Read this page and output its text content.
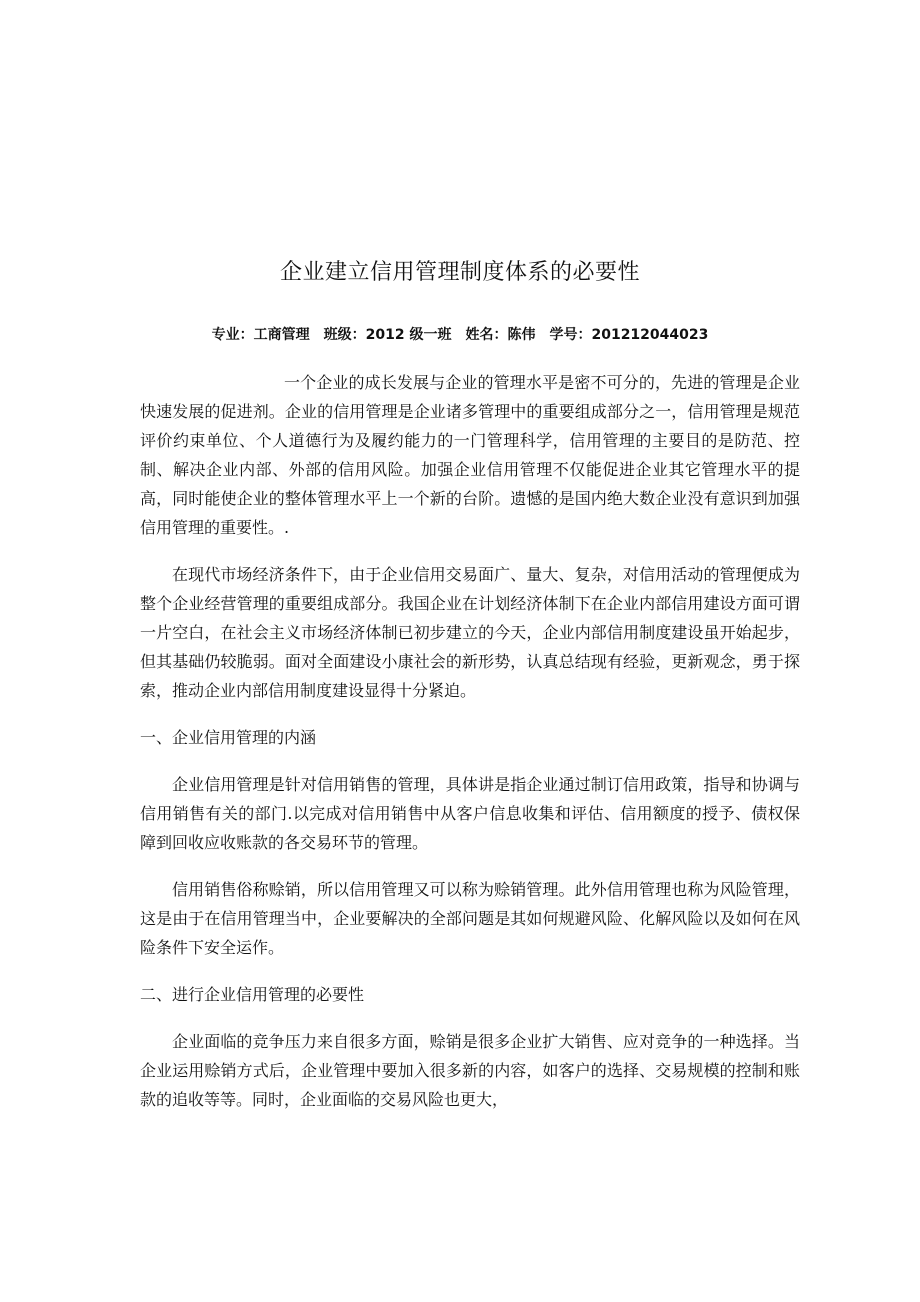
企业建立信用管理制度体系的必要性
专业：工商管理 班级：2012 级一班 姓名：陈伟 学号：201212044023

一个企业的成长发展与企业的管理水平是密不可分的，先进的管理是企业快速发展的促进剂。企业的信用管理是企业诸多管理中的重要组成部分之一，信用管理是规范评价约束单位、个人道德行为及履约能力的一门管理科学，信用管理的主要目的是防范、控制、解决企业内部、外部的信用风险。加强企业信用管理不仅能促进企业其它管理水平的提高，同时能使企业的整体管理水平上一个新的台阶。遗憾的是国内绝大数企业没有意识到加强信用管理的重要性。.

在现代市场经济条件下，由于企业信用交易面广、量大、复杂，对信用活动的管理便成为整个企业经营管理的重要组成部分。我国企业在计划经济体制下在企业内部信用建设方面可谓一片空白，在社会主义市场经济体制已初步建立的今天，企业内部信用制度建设虽开始起步，但其基础仍较脆弱。面对全面建设小康社会的新形势，认真总结现有经验，更新观念，勇于探索，推动企业内部信用制度建设显得十分紧迫。

一、企业信用管理的内涵

企业信用管理是针对信用销售的管理，具体讲是指企业通过制订信用政策，指导和协调与信用销售有关的部门.以完成对信用销售中从客户信息收集和评估、信用额度的授予、债权保障到回收应收账款的各交易环节的管理。

信用销售俗称赊销，所以信用管理又可以称为赊销管理。此外信用管理也称为风险管理，这是由于在信用管理当中，企业要解决的全部问题是其如何规避风险、化解风险以及如何在风险条件下安全运作。

二、进行企业信用管理的必要性

企业面临的竞争压力来自很多方面，赊销是很多企业扩大销售、应对竞争的一种选择。当企业运用赊销方式后，企业管理中要加入很多新的内容，如客户的选择、交易规模的控制和账款的追收等等。同时，企业面临的交易风险也更大，
